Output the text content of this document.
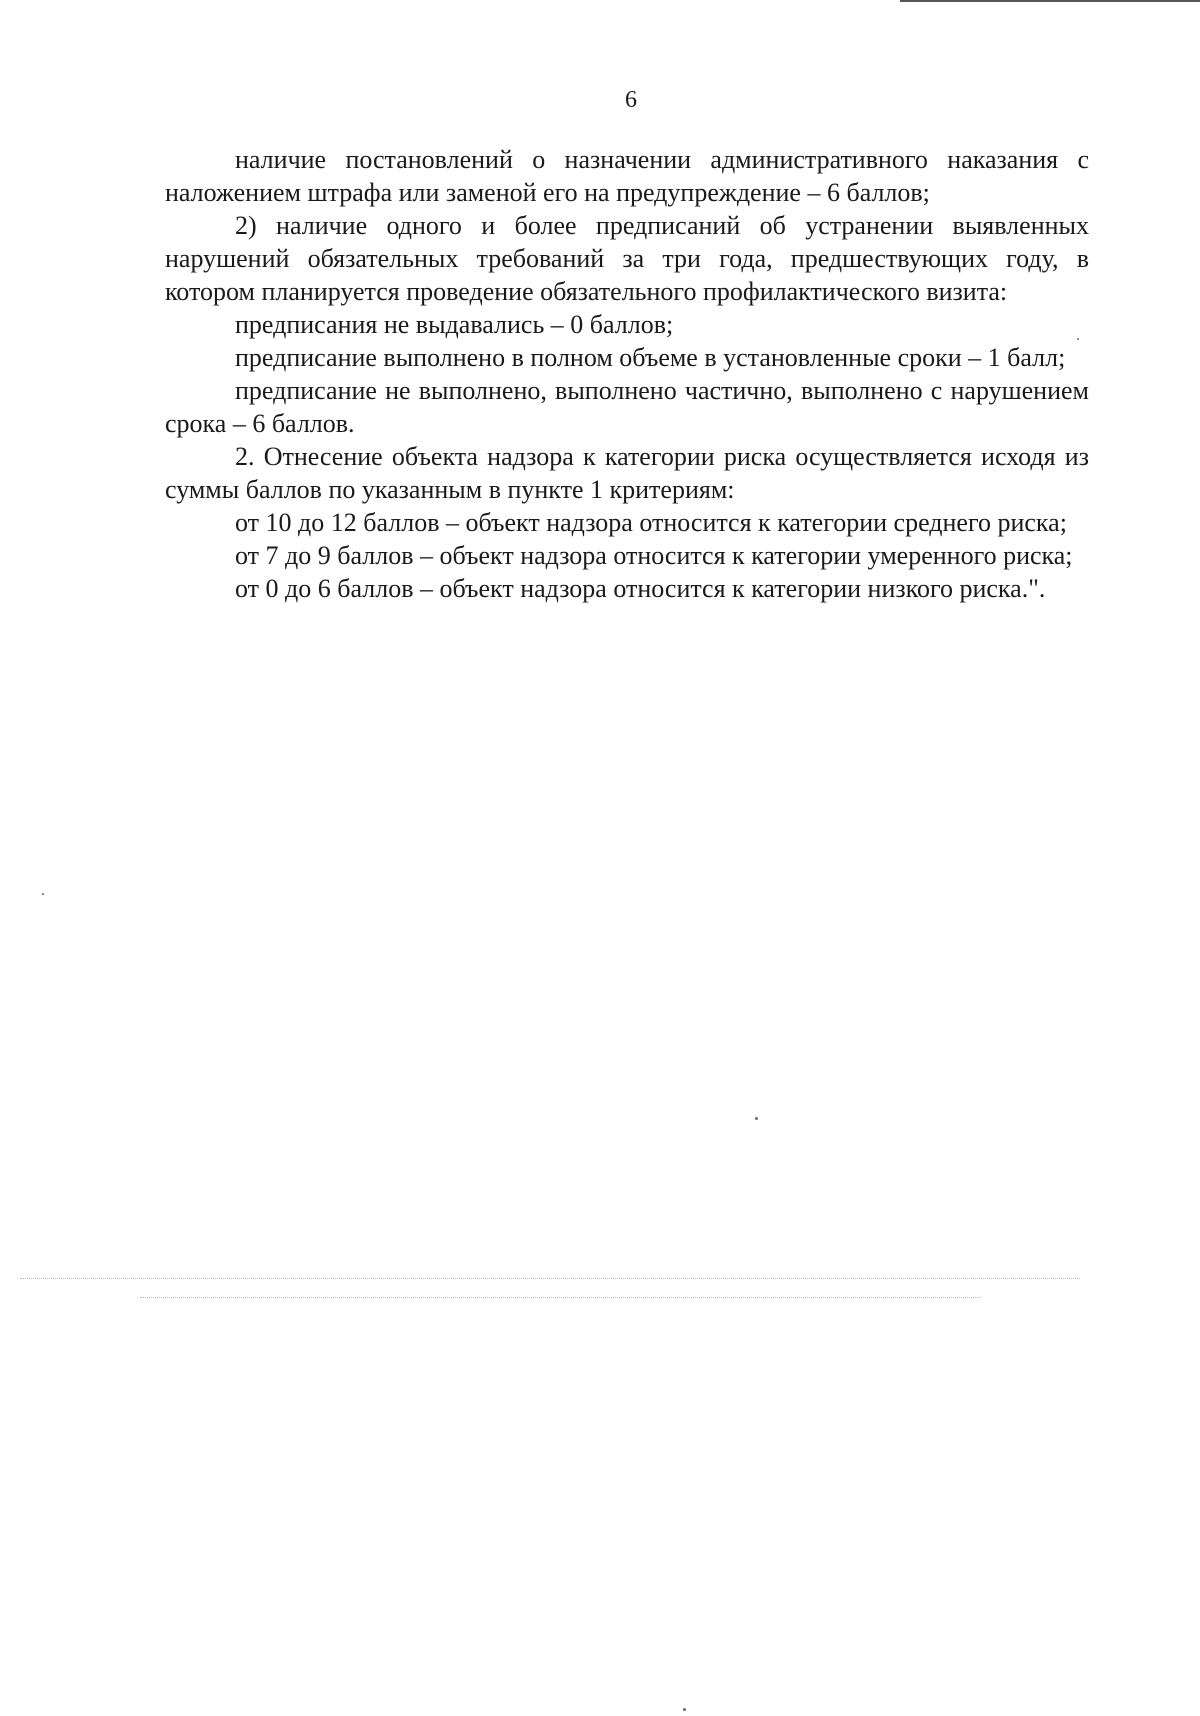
6

наличие постановлений о назначении административного наказания с наложением штрафа или заменой его на предупреждение – 6 баллов;

2) наличие одного и более предписаний об устранении выявленных нарушений обязательных требований за три года, предшествующих году, в котором планируется проведение обязательного профилактического визита:

предписания не выдавались – 0 баллов;

предписание выполнено в полном объеме в установленные сроки – 1 балл;

предписание не выполнено, выполнено частично, выполнено с нарушением срока – 6 баллов.

2. Отнесение объекта надзора к категории риска осуществляется исходя из суммы баллов по указанным в пункте 1 критериям:

от 10 до 12 баллов – объект надзора относится к категории среднего риска;

от 7 до 9 баллов – объект надзора относится к категории умеренного риска;

от 0 до 6 баллов – объект надзора относится к категории низкого риска.".
